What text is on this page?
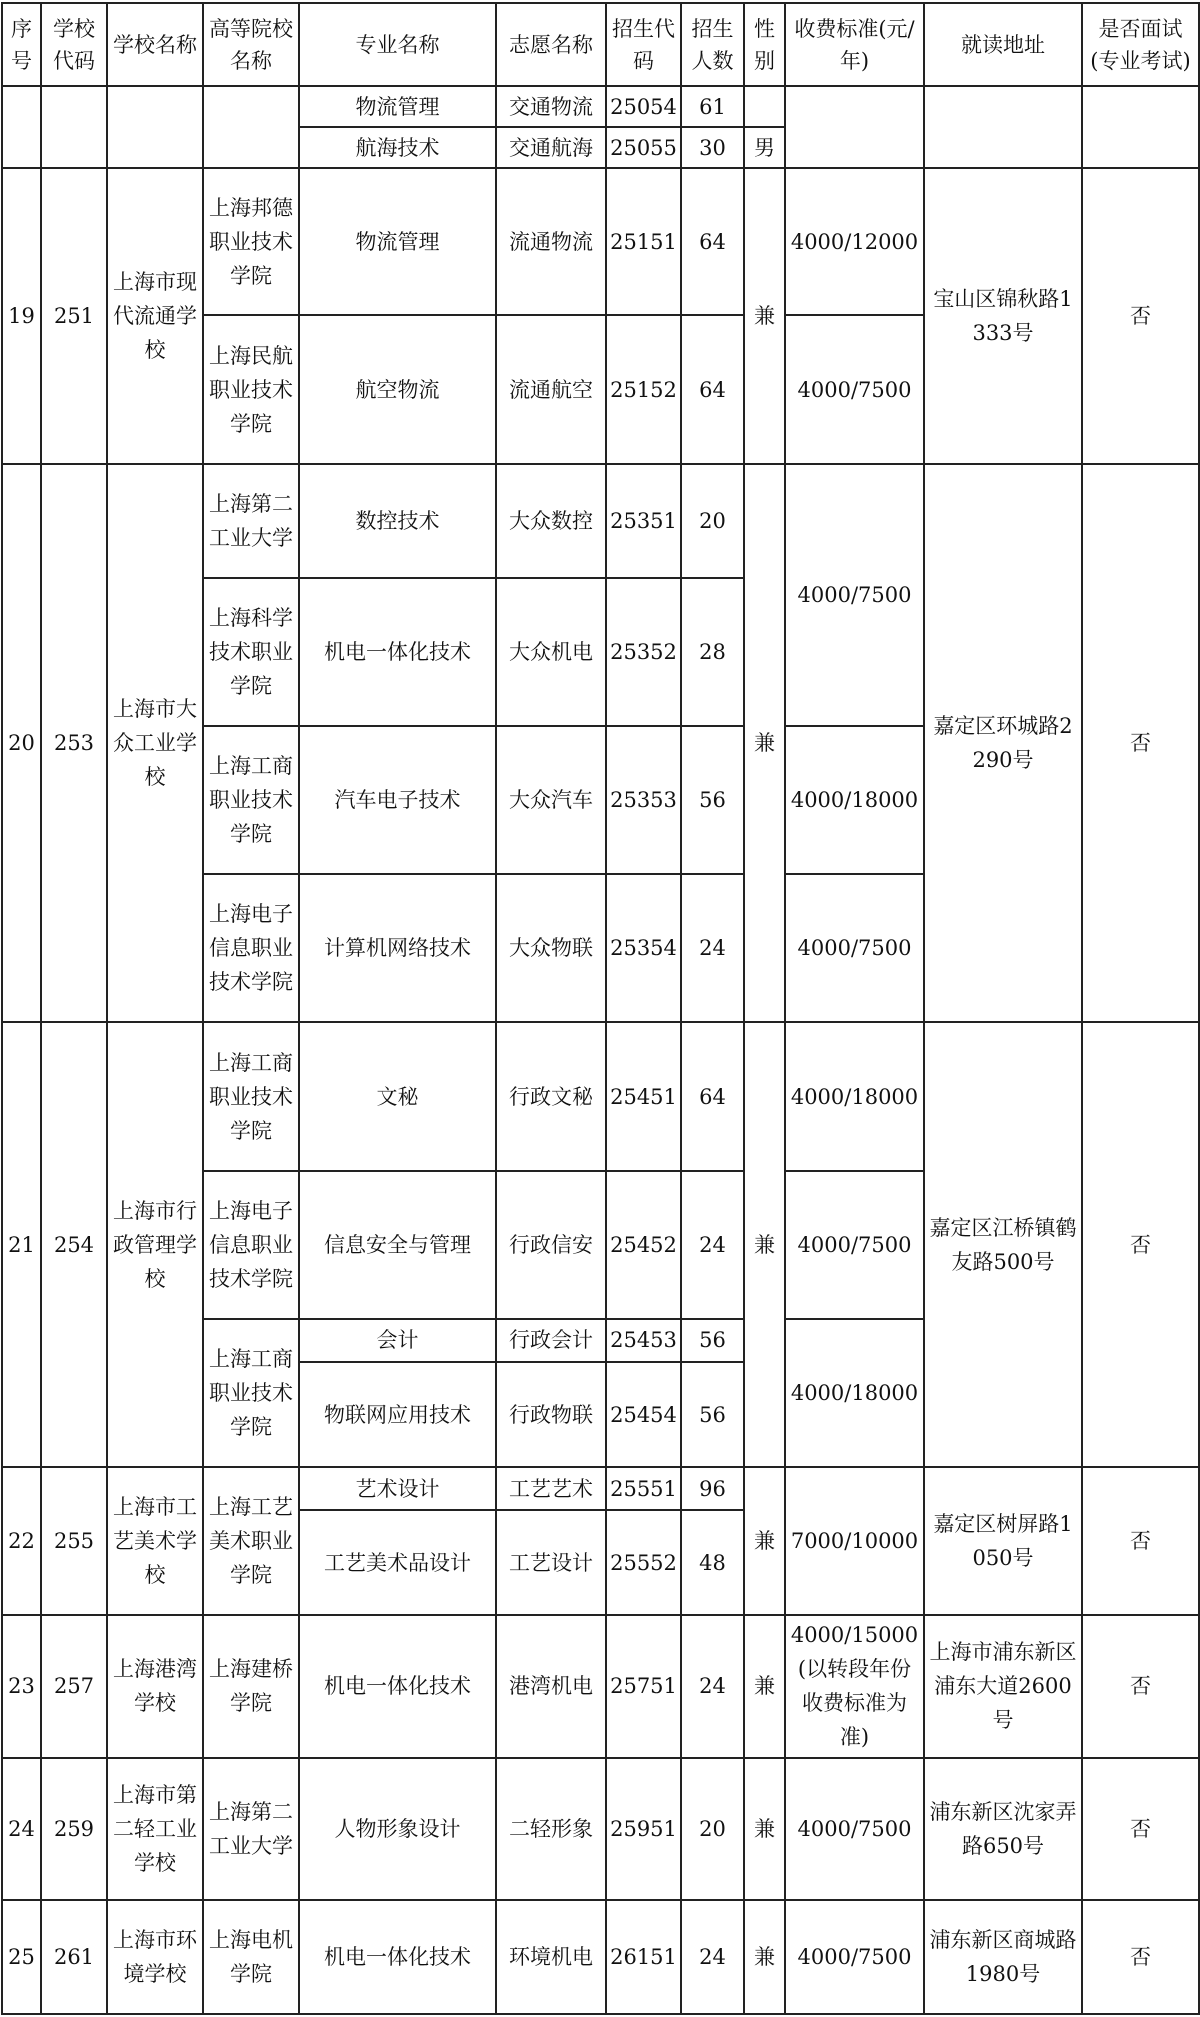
序号	学校代码	学校名称	高等院校名称	专业名称	志愿名称	招生代码	招生人数	性别	收费标准(元/年)	就读地址	是否面试(专业考试)
				物流管理	交通物流	25054	61				
				航海技术	交通航海	25055	30	男			
19	251	上海市现代流通学校	上海邦德职业技术学院	物流管理	流通物流	25151	64	兼	4000/12000	宝山区锦秋路1333号	否
			上海民航职业技术学院	航空物流	流通航空	25152	64		4000/7500		
20	253	上海市大众工业学校	上海第二工业大学	数控技术	大众数控	25351	20	兼	4000/7500	嘉定区环城路2290号	否
			上海科学技术职业学院	机电一体化技术	大众机电	25352	28				
			上海工商职业技术学院	汽车电子技术	大众汽车	25353	56		4000/18000		
			上海电子信息职业技术学院	计算机网络技术	大众物联	25354	24		4000/7500		
21	254	上海市行政管理学校	上海工商职业技术学院	文秘	行政文秘	25451	64	兼	4000/18000	嘉定区江桥镇鹤友路500号	否
			上海电子信息职业技术学院	信息安全与管理	行政信安	25452	24		4000/7500		
			上海工商职业技术学院	会计	行政会计	25453	56		4000/18000		
				物联网应用技术	行政物联	25454	56				
22	255	上海市工艺美术学校	上海工艺美术职业学院	艺术设计	工艺艺术	25551	96	兼	7000/10000	嘉定区树屏路1050号	否
				工艺美术品设计	工艺设计	25552	48				
23	257	上海港湾学校	上海建桥学院	机电一体化技术	港湾机电	25751	24	兼	4000/15000(以转段年份收费标准为准)	上海市浦东新区浦东大道2600号	否
24	259	上海市第二轻工业学校	上海第二工业大学	人物形象设计	二轻形象	25951	20	兼	4000/7500	浦东新区沈家弄路650号	否
25	261	上海市环境学校	上海电机学院	机电一体化技术	环境机电	26151	24	兼	4000/7500	浦东新区商城路1980号	否
